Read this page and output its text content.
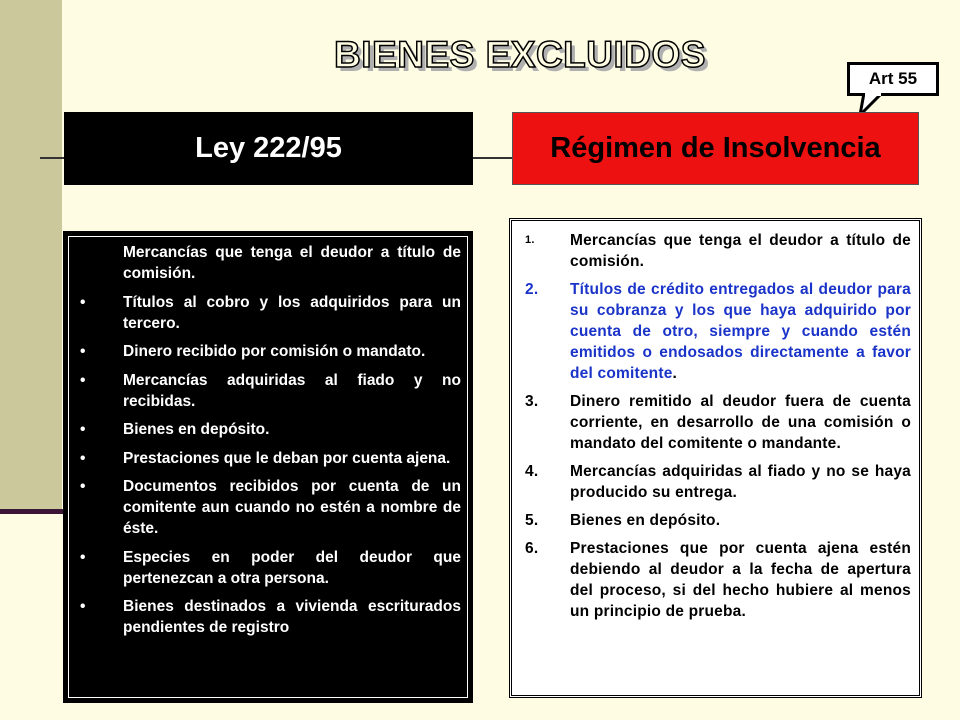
BIENES EXCLUIDOS
Art 55
Ley 222/95	Régimen de Insolvencia
Mercancías que tenga el deudor a título de comisión.
• Títulos al cobro y los adquiridos para un tercero.
• Dinero recibido por comisión o mandato.
• Mercancías adquiridas al fiado y no recibidas.
• Bienes en depósito.
• Prestaciones que le deban por cuenta ajena.
• Documentos recibidos por cuenta de un comitente aun cuando no estén a nombre de éste.
• Especies en poder del deudor que pertenezcan a otra persona.
• Bienes destinados a vivienda escriturados pendientes de registro
1. Mercancías que tenga el deudor a título de comisión.
2. Títulos de crédito entregados al deudor para su cobranza y los que haya adquirido por cuenta de otro, siempre y cuando estén emitidos o endosados directamente a favor del comitente.
3. Dinero remitido al deudor fuera de cuenta corriente, en desarrollo de una comisión o mandato del comitente o mandante.
4. Mercancías adquiridas al fiado y no se haya producido su entrega.
5. Bienes en depósito.
6. Prestaciones que por cuenta ajena estén debiendo al deudor a la fecha de apertura del proceso, si del hecho hubiere al menos un principio de prueba.
